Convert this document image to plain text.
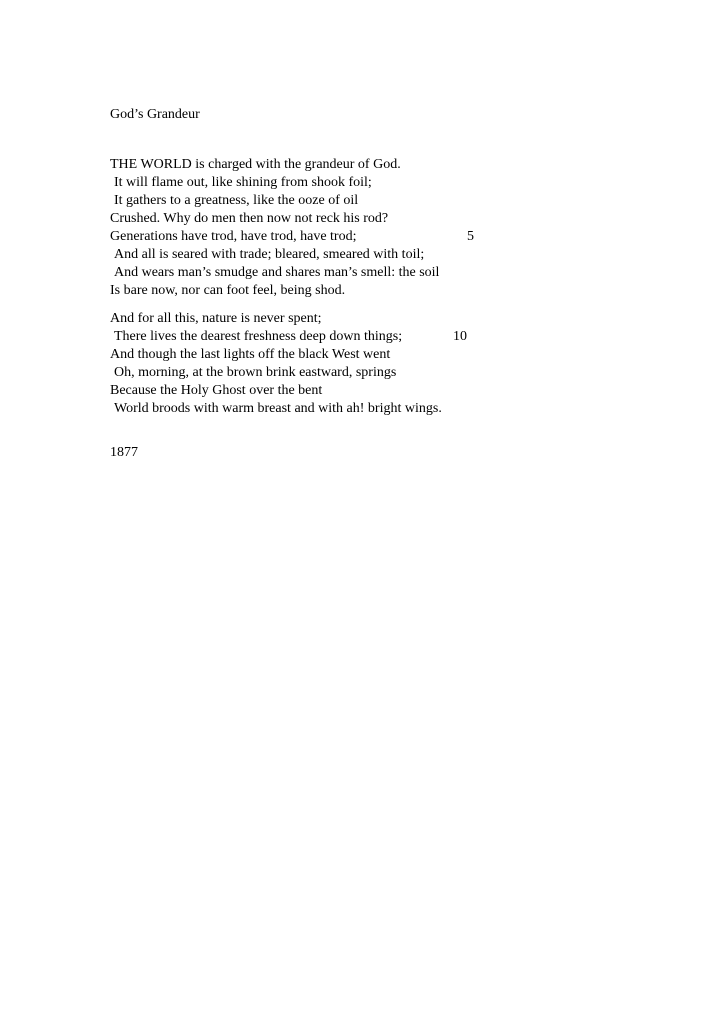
God’s Grandeur
THE WORLD is charged with the grandeur of God.
It will flame out, like shining from shook foil;
It gathers to a greatness, like the ooze of oil
Crushed. Why do men then now not reck his rod?
Generations have trod, have trod, have trod;	5
And all is seared with trade; bleared, smeared with toil;
And wears man’s smudge and shares man’s smell: the soil
Is bare now, nor can foot feel, being shod.
And for all this, nature is never spent;
There lives the dearest freshness deep down things;	10
And though the last lights off the black West went
Oh, morning, at the brown brink eastward, springs
Because the Holy Ghost over the bent
World broods with warm breast and with ah! bright wings.
1877
